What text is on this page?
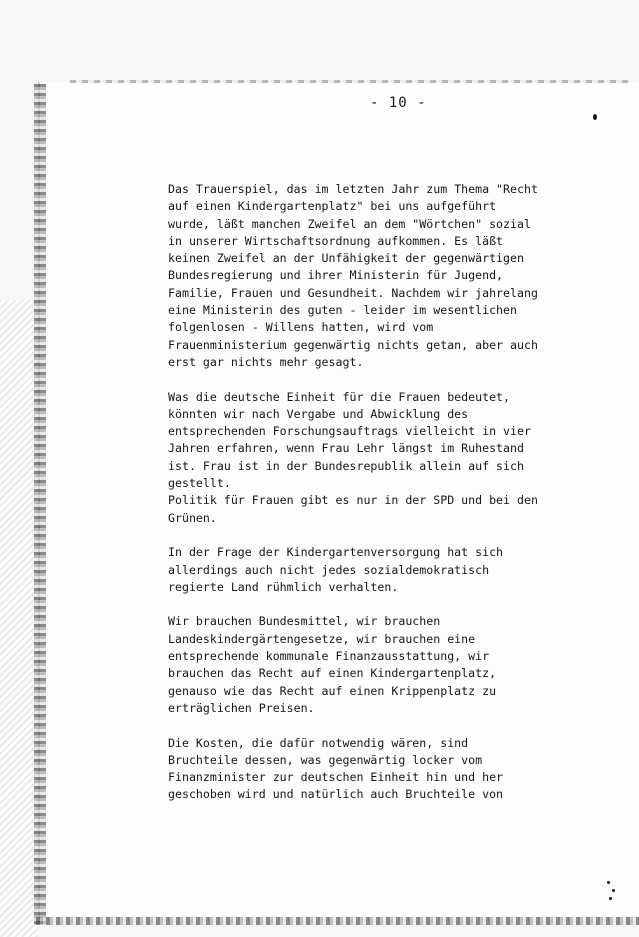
- 10 -
Das Trauerspiel, das im letzten Jahr zum Thema "Recht
auf einen Kindergartenplatz" bei uns aufgeführt
wurde, läßt manchen Zweifel an dem "Wörtchen" sozial
in unserer Wirtschaftsordnung aufkommen. Es läßt
keinen Zweifel an der Unfähigkeit der gegenwärtigen
Bundesregierung und ihrer Ministerin für Jugend,
Familie, Frauen und Gesundheit. Nachdem wir jahrelang
eine Ministerin des guten - leider im wesentlichen
folgenlosen - Willens hatten, wird vom
Frauenministerium gegenwärtig nichts getan, aber auch
erst gar nichts mehr gesagt.
Was die deutsche Einheit für die Frauen bedeutet,
könnten wir nach Vergabe und Abwicklung des
entsprechenden Forschungsauftrags vielleicht in vier
Jahren erfahren, wenn Frau Lehr längst im Ruhestand
ist. Frau ist in der Bundesrepublik allein auf sich
gestellt.
Politik für Frauen gibt es nur in der SPD und bei den
Grünen.
In der Frage der Kindergartenversorgung hat sich
allerdings auch nicht jedes sozialdemokratisch
regierte Land rühmlich verhalten.
Wir brauchen Bundesmittel, wir brauchen
Landeskindergärtengesetze, wir brauchen eine
entsprechende kommunale Finanzausstattung, wir
brauchen das Recht auf einen Kindergartenplatz,
genauso wie das Recht auf einen Krippenplatz zu
erträglichen Preisen.
Die Kosten, die dafür notwendig wären, sind
Bruchteile dessen, was gegenwärtig locker vom
Finanzminister zur deutschen Einheit hin und her
geschoben wird und natürlich auch Bruchteile von
